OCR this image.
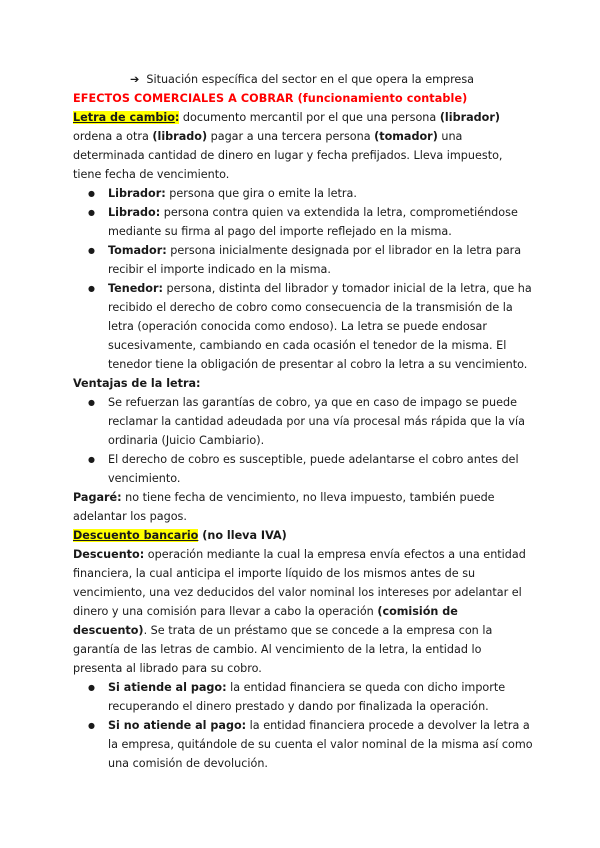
➔ Situación específica del sector en el que opera la empresa

EFECTOS COMERCIALES A COBRAR (funcionamiento contable)

Letra de cambio: documento mercantil por el que una persona (librador) ordena a otra (librado) pagar a una tercera persona (tomador) una determinada cantidad de dinero en lugar y fecha prefijados. Lleva impuesto, tiene fecha de vencimiento.

● Librador: persona que gira o emite la letra.
● Librado: persona contra quien va extendida la letra, comprometiéndose mediante su firma al pago del importe reflejado en la misma.
● Tomador: persona inicialmente designada por el librador en la letra para recibir el importe indicado en la misma.
● Tenedor: persona, distinta del librador y tomador inicial de la letra, que ha recibido el derecho de cobro como consecuencia de la transmisión de la letra (operación conocida como endoso). La letra se puede endosar sucesivamente, cambiando en cada ocasión el tenedor de la misma. El tenedor tiene la obligación de presentar al cobro la letra a su vencimiento.

Ventajas de la letra:

● Se refuerzan las garantías de cobro, ya que en caso de impago se puede reclamar la cantidad adeudada por una vía procesal más rápida que la vía ordinaria (Juicio Cambiario).
● El derecho de cobro es susceptible, puede adelantarse el cobro antes del vencimiento.

Pagaré: no tiene fecha de vencimiento, no lleva impuesto, también puede adelantar los pagos.

Descuento bancario (no lleva IVA)

Descuento: operación mediante la cual la empresa envía efectos a una entidad financiera, la cual anticipa el importe líquido de los mismos antes de su vencimiento, una vez deducidos del valor nominal los intereses por adelantar el dinero y una comisión para llevar a cabo la operación (comisión de descuento). Se trata de un préstamo que se concede a la empresa con la garantía de las letras de cambio. Al vencimiento de la letra, la entidad lo presenta al librado para su cobro.

● Si atiende al pago: la entidad financiera se queda con dicho importe recuperando el dinero prestado y dando por finalizada la operación.
● Si no atiende al pago: la entidad financiera procede a devolver la letra a la empresa, quitándole de su cuenta el valor nominal de la misma así como una comisión de devolución.
